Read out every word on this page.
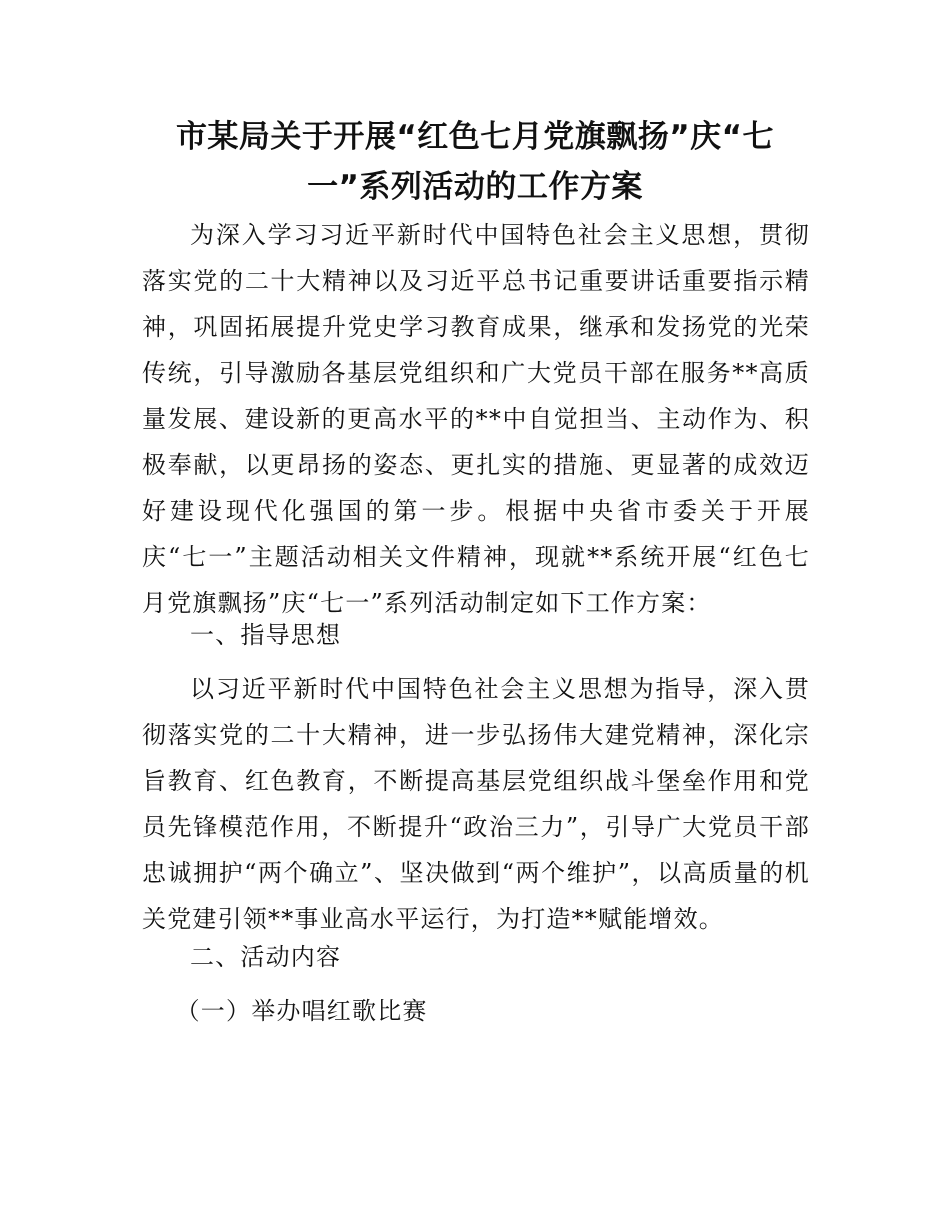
市某局关于开展“红色七月党旗飘扬”庆“七一”系列活动的工作方案

为深入学习习近平新时代中国特色社会主义思想，贯彻落实党的二十大精神以及习近平总书记重要讲话重要指示精神，巩固拓展提升党史学习教育成果，继承和发扬党的光荣传统，引导激励各基层党组织和广大党员干部在服务**高质量发展、建设新的更高水平的**中自觉担当、主动作为、积极奉献，以更昂扬的姿态、更扎实的措施、更显著的成效迈好建设现代化强国的第一步。根据中央省市委关于开展庆“七一”主题活动相关文件精神，现就**系统开展“红色七月党旗飘扬”庆“七一”系列活动制定如下工作方案：

一、指导思想

以习近平新时代中国特色社会主义思想为指导，深入贯彻落实党的二十大精神，进一步弘扬伟大建党精神，深化宗旨教育、红色教育，不断提高基层党组织战斗堡垒作用和党员先锋模范作用，不断提升“政治三力”，引导广大党员干部忠诚拥护“两个确立”、坚决做到“两个维护”，以高质量的机关党建引领**事业高水平运行，为打造**赋能增效。

二、活动内容

（一）举办唱红歌比赛
